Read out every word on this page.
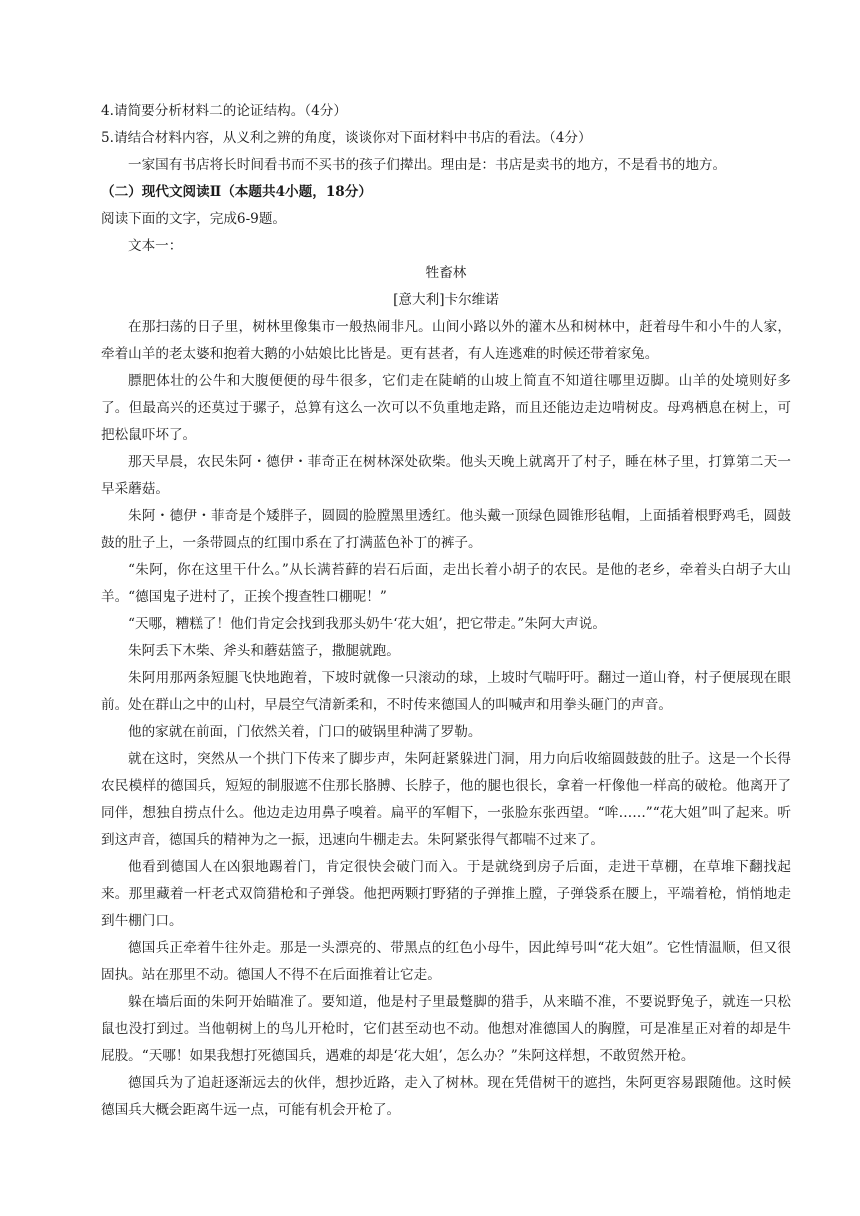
4.请简要分析材料二的论证结构。（4分）

5.请结合材料内容，从义利之辨的角度，谈谈你对下面材料中书店的看法。（4分）

一家国有书店将长时间看书而不买书的孩子们撵出。理由是：书店是卖书的地方，不是看书的地方。

（二）现代文阅读Ⅱ（本题共4小题，18分）

阅读下面的文字，完成6-9题。

文本一：

牲畜林

[意大利]卡尔维诺

在那扫荡的日子里，树林里像集市一般热闹非凡。山间小路以外的灌木丛和树林中，赶着母牛和小牛的人家，牵着山羊的老太婆和抱着大鹅的小姑娘比比皆是。更有甚者，有人连逃难的时候还带着家兔。

膘肥体壮的公牛和大腹便便的母牛很多，它们走在陡峭的山坡上简直不知道往哪里迈脚。山羊的处境则好多了。但最高兴的还莫过于骡子，总算有这么一次可以不负重地走路，而且还能边走边啃树皮。母鸡栖息在树上，可把松鼠吓坏了。

那天早晨，农民朱阿・德伊・菲奇正在树林深处砍柴。他头天晚上就离开了村子，睡在林子里，打算第二天一早采蘑菇。

朱阿・德伊・菲奇是个矮胖子，圆圆的脸膛黑里透红。他头戴一顶绿色圆锥形毡帽，上面插着根野鸡毛，圆鼓鼓的肚子上，一条带圆点的红围巾系在了打满蓝色补丁的裤子。

“朱阿，你在这里干什么。”从长满苔藓的岩石后面，走出长着小胡子的农民。是他的老乡，牵着头白胡子大山羊。“德国鬼子进村了，正挨个搜查牲口棚呢！”

“天哪，糟糕了！他们肯定会找到我那头奶牛‘花大姐’，把它带走。”朱阿大声说。

朱阿丢下木柴、斧头和蘑菇篮子，撒腿就跑。

朱阿用那两条短腿飞快地跑着，下坡时就像一只滚动的球，上坡时气喘吁吁。翻过一道山脊，村子便展现在眼前。处在群山之中的山村，早晨空气清新柔和，不时传来德国人的叫喊声和用拳头砸门的声音。

他的家就在前面，门依然关着，门口的破锅里种满了罗勒。

就在这时，突然从一个拱门下传来了脚步声，朱阿赶紧躲进门洞，用力向后收缩圆鼓鼓的肚子。这是一个长得农民模样的德国兵，短短的制服遮不住那长胳膊、长脖子，他的腿也很长，拿着一杆像他一样高的破枪。他离开了同伴，想独自捞点什么。他边走边用鼻子嗅着。扁平的军帽下，一张脸东张西望。“哞……”“花大姐”叫了起来。听到这声音，德国兵的精神为之一振，迅速向牛棚走去。朱阿紧张得气都喘不过来了。

他看到德国人在凶狠地踢着门，肯定很快会破门而入。于是就绕到房子后面，走进干草棚，在草堆下翻找起来。那里藏着一杆老式双筒猎枪和子弹袋。他把两颗打野猪的子弹推上膛，子弹袋系在腰上，平端着枪，悄悄地走到牛棚门口。

德国兵正牵着牛往外走。那是一头漂亮的、带黑点的红色小母牛，因此绰号叫“花大姐”。它性情温顺，但又很固执。站在那里不动。德国人不得不在后面推着让它走。

躲在墙后面的朱阿开始瞄准了。要知道，他是村子里最蹩脚的猎手，从来瞄不准，不要说野兔子，就连一只松鼠也没打到过。当他朝树上的鸟儿开枪时，它们甚至动也不动。他想对准德国人的胸膛，可是准星正对着的却是牛屁股。“天哪！如果我想打死德国兵，遇难的却是‘花大姐’，怎么办？”朱阿这样想，不敢贸然开枪。

德国兵为了追赶逐渐远去的伙伴，想抄近路，走入了树林。现在凭借树干的遮挡，朱阿更容易跟随他。这时候德国兵大概会距离牛远一点，可能有机会开枪了。
